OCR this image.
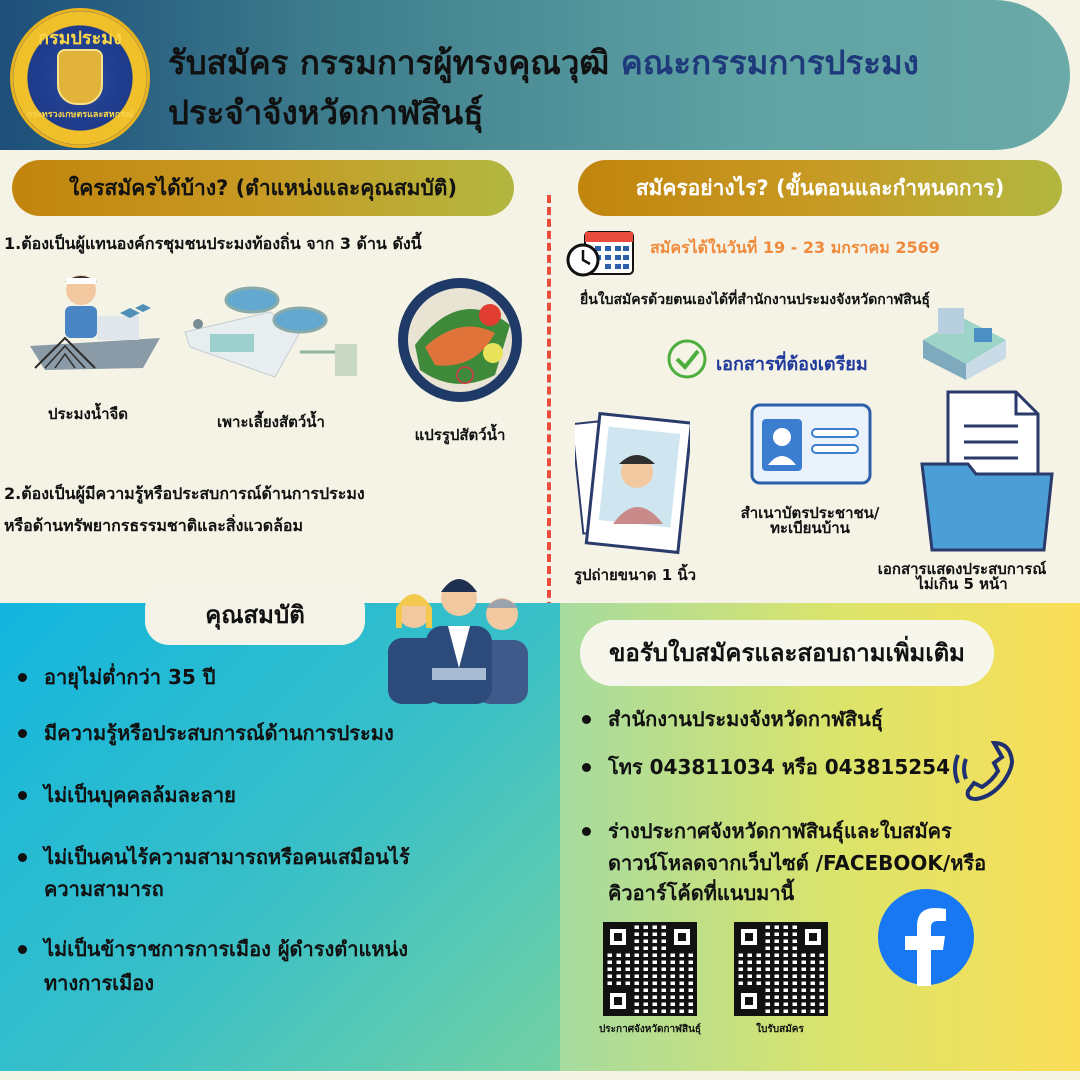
กรมประมง
กระทรวงเกษตรและสหกรณ์
รับสมัคร กรรมการผู้ทรงคุณวุฒิ คณะกรรมการประมง
ประจำจังหวัดกาฬสินธุ์
ใครสมัครได้บ้าง? (ตำแหน่งและคุณสมบัติ)	สมัครอย่างไร? (ขั้นตอนและกำหนดการ)
1.ต้องเป็นผู้แทนองค์กรชุมชนประมงท้องถิ่น จาก 3 ด้าน ดังนี้
ประมงน้ำจืด	เพาะเลี้ยงสัตว์น้ำ
แปรรูปสัตว์น้ำ
2.ต้องเป็นผู้มีความรู้หรือประสบการณ์ด้านการประมง
หรือด้านทรัพยากรธรรมชาติและสิ่งแวดล้อม
สมัครได้ในวันที่ 19 - 23 มกราคม 2569
ยื่นใบสมัครด้วยตนเองได้ที่สำนักงานประมงจังหวัดกาฬสินธุ์
เอกสารที่ต้องเตรียม
รูปถ่ายขนาด 1 นิ้ว
สำเนาบัตรประชาชน/
ทะเบียนบ้าน
เอกสารแสดงประสบการณ์
ไม่เกิน 5 หน้า
คุณสมบัติ
อายุไม่ต่ำกว่า 35 ปี
มีความรู้หรือประสบการณ์ด้านการประมง
ไม่เป็นบุคคลล้มละลาย
ไม่เป็นคนไร้ความสามารถหรือคนเสมือนไร้
ความสามารถ
ไม่เป็นข้าราชการการเมือง ผู้ดำรงตำแหน่ง
ทางการเมือง
ขอรับใบสมัครและสอบถามเพิ่มเติม
สำนักงานประมงจังหวัดกาฬสินธุ์
โทร 043811034 หรือ 043815254
ร่างประกาศจังหวัดกาฬสินธุ์และใบสมัคร
ดาวน์โหลดจากเว็บไซต์ /FACEBOOK/หรือ
คิวอาร์โค้ดที่แนบมานี้
ประกาศจังหวัดกาฬสินธุ์	ใบรับสมัคร
